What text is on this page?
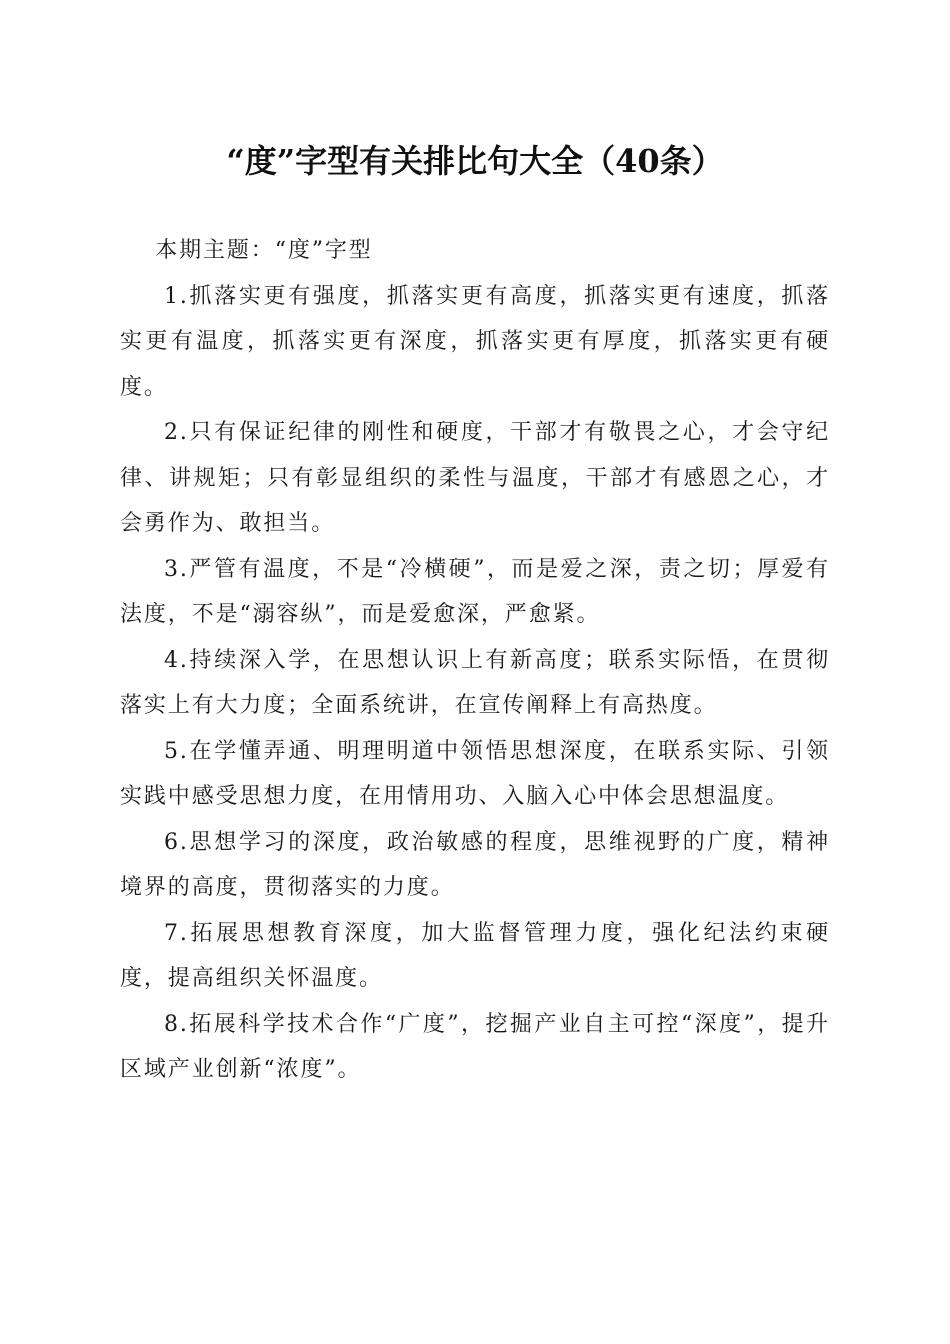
“度”字型有关排比句大全（40条）

本期主题：“度”字型

1.抓落实更有强度，抓落实更有高度，抓落实更有速度，抓落实更有温度，抓落实更有深度，抓落实更有厚度，抓落实更有硬度。

2.只有保证纪律的刚性和硬度，干部才有敬畏之心，才会守纪律、讲规矩；只有彰显组织的柔性与温度，干部才有感恩之心，才会勇作为、敢担当。

3.严管有温度，不是“冷横硬”，而是爱之深，责之切；厚爱有法度，不是“溺容纵”，而是爱愈深，严愈紧。

4.持续深入学，在思想认识上有新高度；联系实际悟，在贯彻落实上有大力度；全面系统讲，在宣传阐释上有高热度。

5.在学懂弄通、明理明道中领悟思想深度，在联系实际、引领实践中感受思想力度，在用情用功、入脑入心中体会思想温度。

6.思想学习的深度，政治敏感的程度，思维视野的广度，精神境界的高度，贯彻落实的力度。

7.拓展思想教育深度，加大监督管理力度，强化纪法约束硬度，提高组织关怀温度。

8.拓展科学技术合作“广度”，挖掘产业自主可控“深度”，提升区域产业创新“浓度”。
